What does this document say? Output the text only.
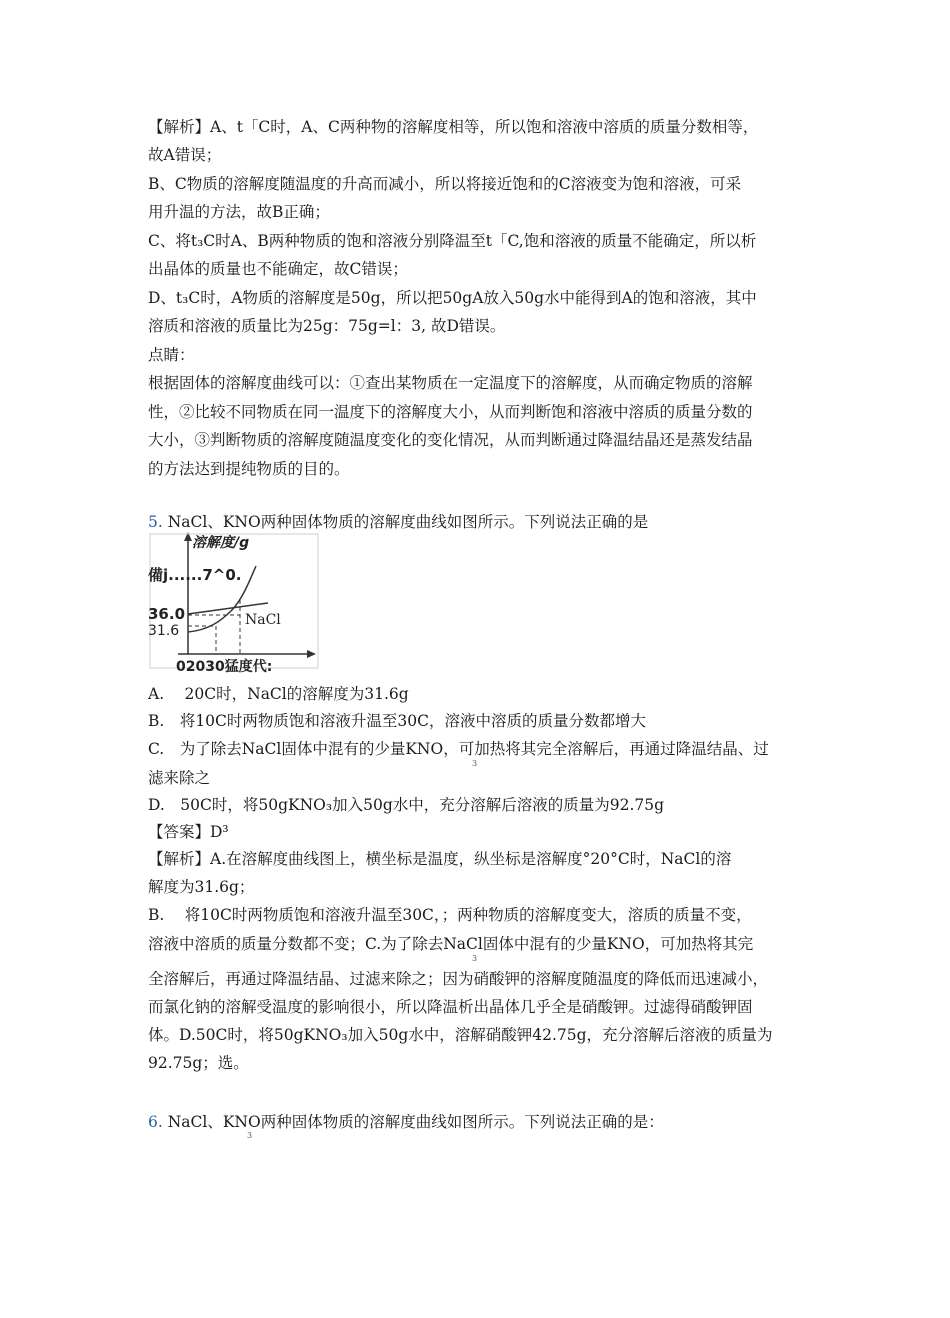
【解析】A、t「C时，A、C两种物的溶解度相等，所以饱和溶液中溶质的质量分数相等，
故A错误；
B、C物质的溶解度随温度的升高而减小，所以将接近饱和的C溶液变为饱和溶液，可采
用升温的方法，故B正确；
C、将t₃C时A、B两种物质的饱和溶液分别降温至t「C,饱和溶液的质量不能确定，所以析
出晶体的质量也不能确定，故C错误；
D、t₃C时，A物质的溶解度是50g，所以把50gA放入50g水中能得到A的饱和溶液，其中
溶质和溶液的质量比为25g：75g=l：3, 故D错误。
点睛：
根据固体的溶解度曲线可以：①查出某物质在一定温度下的溶解度，从而确定物质的溶解
性，②比较不同物质在同一温度下的溶解度大小，从而判断饱和溶液中溶质的质量分数的
大小，③判断物质的溶解度随温度变化的变化情况，从而判断通过降温结晶还是蒸发结晶
的方法达到提纯物质的目的。
5. NaCl、KNO两种固体物质的溶解度曲线如图所示。下列说法正确的是
溶解度/g
備j......7^0.
36.0
31.6
NaCl
02030猛度代:
A.　 20C时，NaCl的溶解度为31.6g
B.　将10C时两物质饱和溶液升温至30C，溶液中溶质的质量分数都增大
C.　为了除去NaCl固体中混有的少量KNO，可加热将其完全溶解后，再通过降温结晶、过
3
滤来除之
D.　50C时，将50gKNO₃加入50g水中，充分溶解后溶液的质量为92.75g
【答案】D³
【解析】A.在溶解度曲线图上，横坐标是温度，纵坐标是溶解度°20°C时，NaCl的溶
解度为31.6g；
B.　 将10C时两物质饱和溶液升温至30C，；两种物质的溶解度变大，溶质的质量不变，
溶液中溶质的质量分数都不变；C.为了除去NaCl固体中混有的少量KNO，可加热将其完
3
全溶解后，再通过降温结晶、过滤来除之；因为硝酸钾的溶解度随温度的降低而迅速减小，
而氯化钠的溶解受温度的影响很小，所以降温析出晶体几乎全是硝酸钾。过滤得硝酸钾固
体。D.50C时，将50gKNO₃加入50g水中，溶解硝酸钾42.75g，充分溶解后溶液的质量为
92.75g；选。
6. NaCl、KNO两种固体物质的溶解度曲线如图所示。下列说法正确的是：
3
